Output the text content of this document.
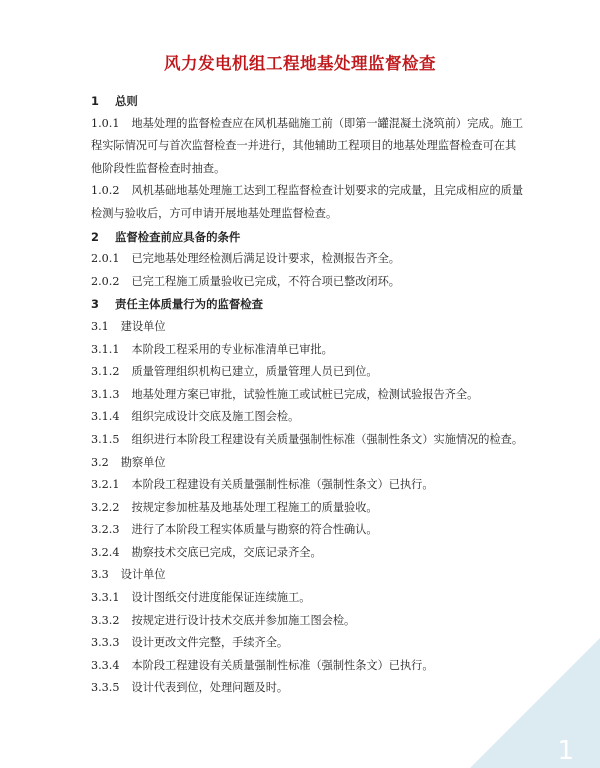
风力发电机组工程地基处理监督检查

1 总则

1.0.1 地基处理的监督检查应在风机基础施工前（即第一罐混凝土浇筑前）完成。施工程实际情况可与首次监督检查一并进行，其他辅助工程项目的地基处理监督检查可在其他阶段性监督检查时抽查。

1.0.2 风机基础地基处理施工达到工程监督检查计划要求的完成量，且完成相应的质量检测与验收后，方可申请开展地基处理监督检查。

2 监督检查前应具备的条件

2.0.1 已完地基处理经检测后满足设计要求，检测报告齐全。

2.0.2 已完工程施工质量验收已完成，不符合项已整改闭环。

3 责任主体质量行为的监督检查

3.1 建设单位

3.1.1 本阶段工程采用的专业标准清单已审批。

3.1.2 质量管理组织机构已建立，质量管理人员已到位。

3.1.3 地基处理方案已审批，试验性施工或试桩已完成，检测试验报告齐全。

3.1.4 组织完成设计交底及施工图会检。

3.1.5 组织进行本阶段工程建设有关质量强制性标准（强制性条文）实施情况的检查。

3.2 勘察单位

3.2.1 本阶段工程建设有关质量强制性标准（强制性条文）已执行。

3.2.2 按规定参加桩基及地基处理工程施工的质量验收。

3.2.3 进行了本阶段工程实体质量与勘察的符合性确认。

3.2.4 勘察技术交底已完成，交底记录齐全。

3.3 设计单位

3.3.1 设计图纸交付进度能保证连续施工。

3.3.2 按规定进行设计技术交底并参加施工图会检。

3.3.3 设计更改文件完整，手续齐全。

3.3.4 本阶段工程建设有关质量强制性标准（强制性条文）已执行。

3.3.5 设计代表到位，处理问题及时。

1
